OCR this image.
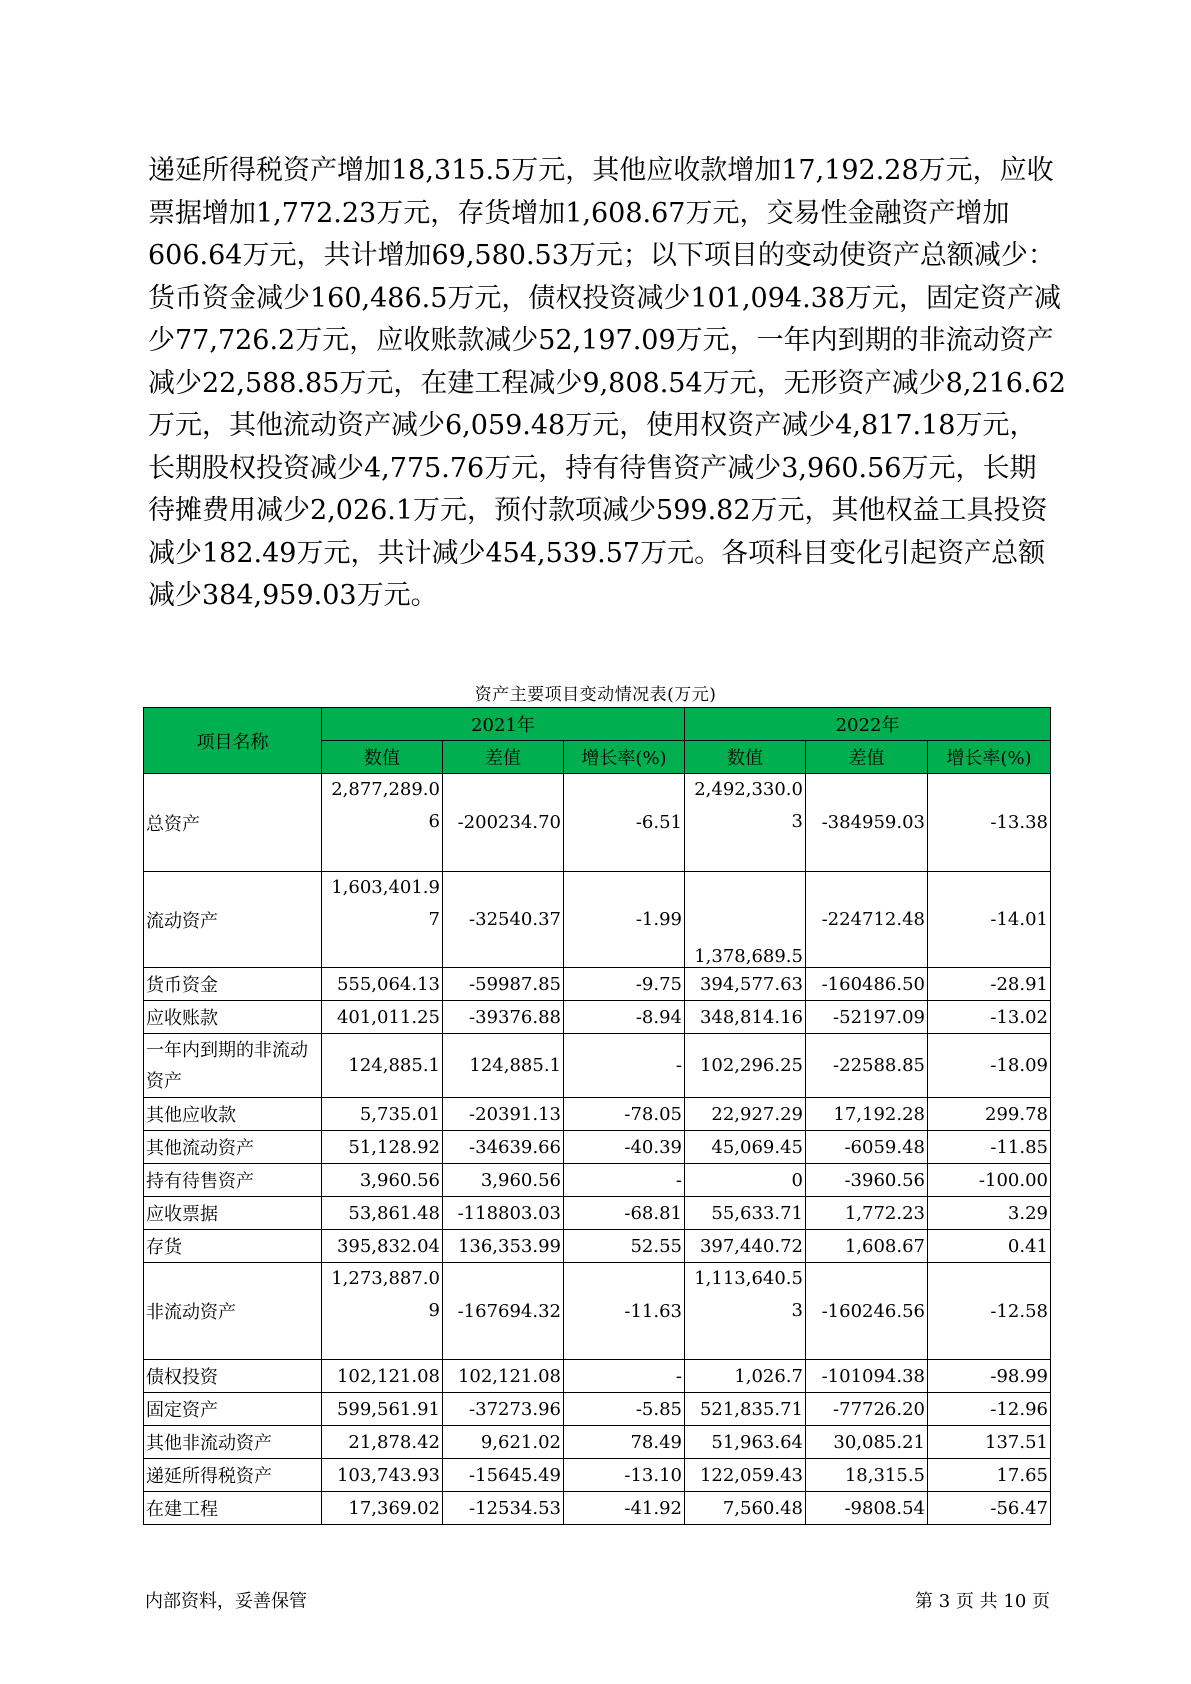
递延所得税资产增加18,315.5万元，其他应收款增加17,192.28万元，应收
票据增加1,772.23万元，存货增加1,608.67万元，交易性金融资产增加
606.64万元，共计增加69,580.53万元；以下项目的变动使资产总额减少：
货币资金减少160,486.5万元，债权投资减少101,094.38万元，固定资产减
少77,726.2万元，应收账款减少52,197.09万元，一年内到期的非流动资产
减少22,588.85万元，在建工程减少9,808.54万元，无形资产减少8,216.62
万元，其他流动资产减少6,059.48万元，使用权资产减少4,817.18万元，
长期股权投资减少4,775.76万元，持有待售资产减少3,960.56万元，长期
待摊费用减少2,026.1万元，预付款项减少599.82万元，其他权益工具投资
减少182.49万元，共计减少454,539.57万元。各项科目变化引起资产总额
减少384,959.03万元。
资产主要项目变动情况表(万元)
项目名称	2021年			2022年		
	数值	差值	增长率(%)	数值	差值	增长率(%)
总资产	2,877,289.06	-200234.70	-6.51	2,492,330.03	-384959.03	-13.38
流动资产	1,603,401.97	-32540.37	-1.99	1,378,689.5	-224712.48	-14.01
货币资金	555,064.13	-59987.85	-9.75	394,577.63	-160486.50	-28.91
应收账款	401,011.25	-39376.88	-8.94	348,814.16	-52197.09	-13.02
一年内到期的非流动资产	124,885.1	124,885.1	-	102,296.25	-22588.85	-18.09
其他应收款	5,735.01	-20391.13	-78.05	22,927.29	17,192.28	299.78
其他流动资产	51,128.92	-34639.66	-40.39	45,069.45	-6059.48	-11.85
持有待售资产	3,960.56	3,960.56	-	0	-3960.56	-100.00
应收票据	53,861.48	-118803.03	-68.81	55,633.71	1,772.23	3.29
存货	395,832.04	136,353.99	52.55	397,440.72	1,608.67	0.41
非流动资产	1,273,887.09	-167694.32	-11.63	1,113,640.53	-160246.56	-12.58
债权投资	102,121.08	102,121.08	-	1,026.7	-101094.38	-98.99
固定资产	599,561.91	-37273.96	-5.85	521,835.71	-77726.20	-12.96
其他非流动资产	21,878.42	9,621.02	78.49	51,963.64	30,085.21	137.51
递延所得税资产	103,743.93	-15645.49	-13.10	122,059.43	18,315.5	17.65
在建工程	17,369.02	-12534.53	-41.92	7,560.48	-9808.54	-56.47
内部资料，妥善保管	第 3 页 共 10 页
